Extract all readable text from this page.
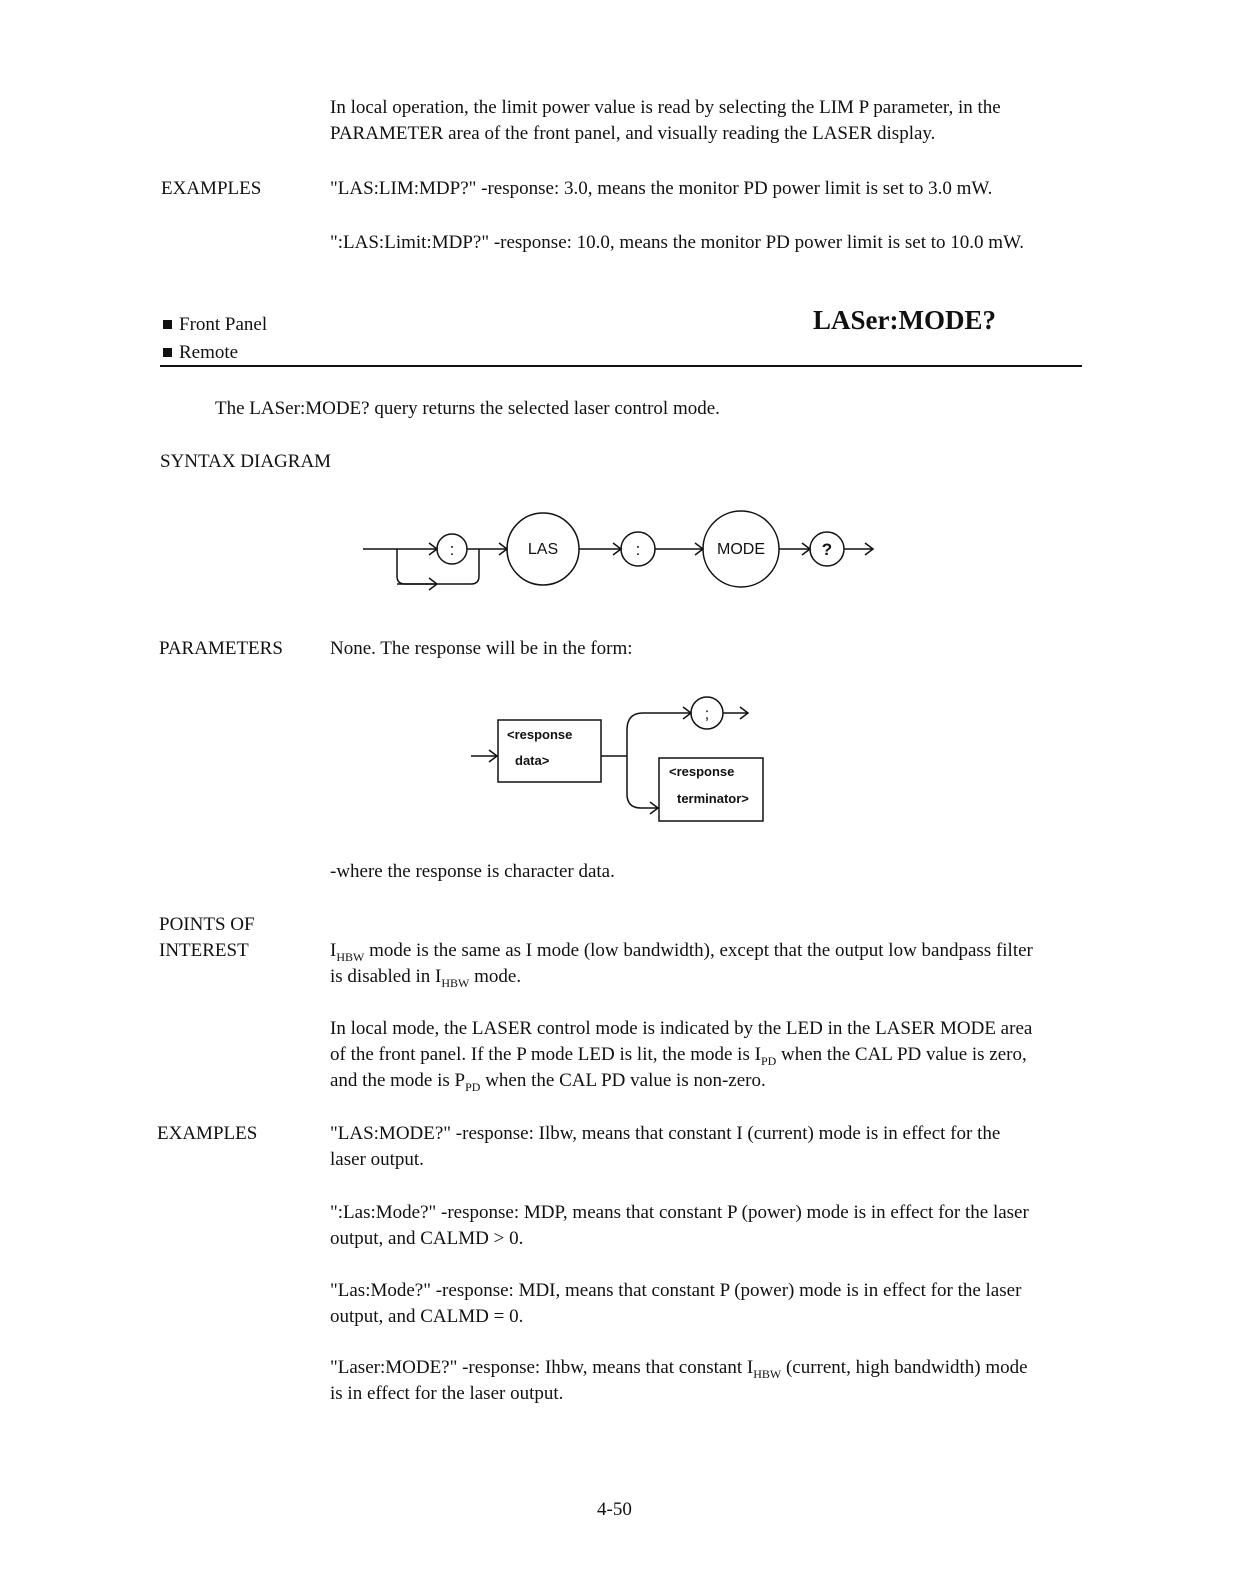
In local operation, the limit power value is read by selecting the LIM P parameter, in the
PARAMETER area of the front panel, and visually reading the LASER display.
EXAMPLES	"LAS:LIM:MDP?" -response: 3.0, means the monitor PD power limit is set to 3.0 mW.
":LAS:Limit:MDP?" -response: 10.0, means the monitor PD power limit is set to 10.0 mW.
Front Panel
Remote
LASer:MODE?
The LASer:MODE? query returns the selected laser control mode.
SYNTAX DIAGRAM
:	LAS	:	MODE	?
PARAMETERS None. The response will be in the form:
<response
data>
;
<response
terminator>
-where the response is character data.
POINTS OF
INTEREST	$I_{HBW}$ mode is the same as I mode (low bandwidth), except that the output low bandpass filter
is disabled in $I_{HBW}$ mode.
In local mode, the LASER control mode is indicated by the LED in the LASER MODE area
of the front panel. If the P mode LED is lit, the mode is $I_{PD}$ when the CAL PD value is zero,
and the mode is $P_{PD}$ when the CAL PD value is non-zero.
EXAMPLES	"LAS:MODE?" -response: Ilbw, means that constant I (current) mode is in effect for the
laser output.
":Las:Mode?" -response: MDP, means that constant P (power) mode is in effect for the laser
output, and CALMD > 0.
"Las:Mode?" -response: MDI, means that constant P (power) mode is in effect for the laser
output, and CALMD = 0.
"Laser:MODE?" -response: Ihbw, means that constant $I_{HBW}$ (current, high bandwidth) mode
is in effect for the laser output.
4-50
